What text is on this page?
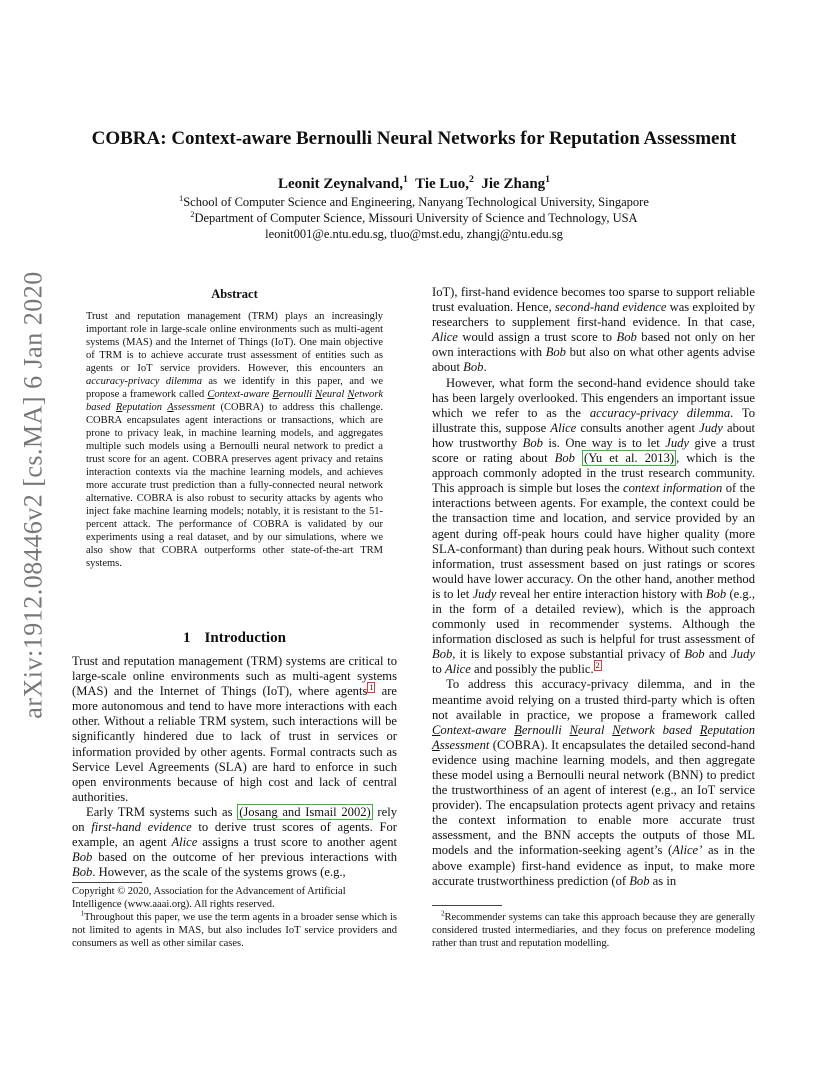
arXiv:1912.08446v2 [cs.MA] 6 Jan 2020
COBRA: Context-aware Bernoulli Neural Networks for Reputation Assessment
Leonit Zeynalvand,$^1$ Tie Luo,$^2$ Jie Zhang$^1$
$^1$School of Computer Science and Engineering, Nanyang Technological University, Singapore
$^2$Department of Computer Science, Missouri University of Science and Technology, USA
leonit001@e.ntu.edu.sg, tluo@mst.edu, zhangj@ntu.edu.sg
Abstract

Trust and reputation management (TRM) plays an increasingly important role in large-scale online environments such as multi-agent systems (MAS) and the Internet of Things (IoT). One main objective of TRM is to achieve accurate trust assessment of entities such as agents or IoT service providers. However, this encounters an accuracy-privacy dilemma as we identify in this paper, and we propose a framework called Context-aware Bernoulli Neural Network based Reputation Assessment (COBRA) to address this challenge. COBRA encapsulates agent interactions or transactions, which are prone to privacy leak, in machine learning models, and aggregates multiple such models using a Bernoulli neural network to predict a trust score for an agent. COBRA preserves agent privacy and retains interaction contexts via the machine learning models, and achieves more accurate trust prediction than a fully-connected neural network alternative. COBRA is also robust to security attacks by agents who inject fake machine learning models; notably, it is resistant to the 51-percent attack. The performance of COBRA is validated by our experiments using a real dataset, and by our simulations, where we also show that COBRA outperforms other state-of-the-art TRM systems.

1 Introduction

Trust and reputation management (TRM) systems are critical to large-scale online environments such as multi-agent systems (MAS) and the Internet of Things (IoT), where agents $^1$ are more autonomous and tend to have more interactions with each other. Without a reliable TRM system, such interactions will be significantly hindered due to lack of trust in services or information provided by other agents. Formal contracts such as Service Level Agreements (SLA) are hard to enforce in such open environments because of high cost and lack of central authorities.

Early TRM systems such as (Josang and Ismail 2002) rely on first-hand evidence to derive trust scores of agents. For example, an agent Alice assigns a trust score to another agent Bob based on the outcome of her previous interactions with Bob. However, as the scale of the systems grows (e.g.,

IoT), first-hand evidence becomes too sparse to support reliable trust evaluation. Hence, second-hand evidence was exploited by researchers to supplement first-hand evidence. In that case, Alice would assign a trust score to Bob based not only on her own interactions with Bob but also on what other agents advise about Bob.

However, what form the second-hand evidence should take has been largely overlooked. This engenders an important issue which we refer to as the accuracy-privacy dilemma. To illustrate this, suppose Alice consults another agent Judy about how trustworthy Bob is. One way is to let Judy give a trust score or rating about Bob (Yu et al. 2013) , which is the approach commonly adopted in the trust research community. This approach is simple but loses the context information of the interactions between agents. For example, the context could be the transaction time and location, and service provided by an agent during off-peak hours could have higher quality (more SLA-conformant) than during peak hours. Without such context information, trust assessment based on just ratings or scores would have lower accuracy. On the other hand, another method is to let Judy reveal her entire interaction history with Bob (e.g., in the form of a detailed review), which is the approach commonly used in recommender systems. Although the information disclosed as such is helpful for trust assessment of Bob, it is likely to expose substantial privacy of Bob and Judy to Alice and possibly the public. $^2$

To address this accuracy-privacy dilemma, and in the meantime avoid relying on a trusted third-party which is often not available in practice, we propose a framework called Context-aware Bernoulli Neural Network based Reputation Assessment (COBRA). It encapsulates the detailed second-hand evidence using machine learning models, and then aggregate these model using a Bernoulli neural network (BNN) to predict the trustworthiness of an agent of interest (e.g., an IoT service provider). The encapsulation protects agent privacy and retains the context information to enable more accurate trust assessment, and the BNN accepts the outputs of those ML models and the information-seeking agent’s (Alice’ as in the above example) first-hand evidence as input, to make more accurate trustworthiness prediction (of Bob as in

Copyright © 2020, Association for the Advancement of Artificial Intelligence (www.aaai.org). All rights reserved.
$^1$Throughout this paper, we use the term agents in a broader sense which is not limited to agents in MAS, but also includes IoT service providers and consumers as well as other similar cases.
$^2$Recommender systems can take this approach because they are generally considered trusted intermediaries, and they focus on preference modeling rather than trust and reputation modelling.
